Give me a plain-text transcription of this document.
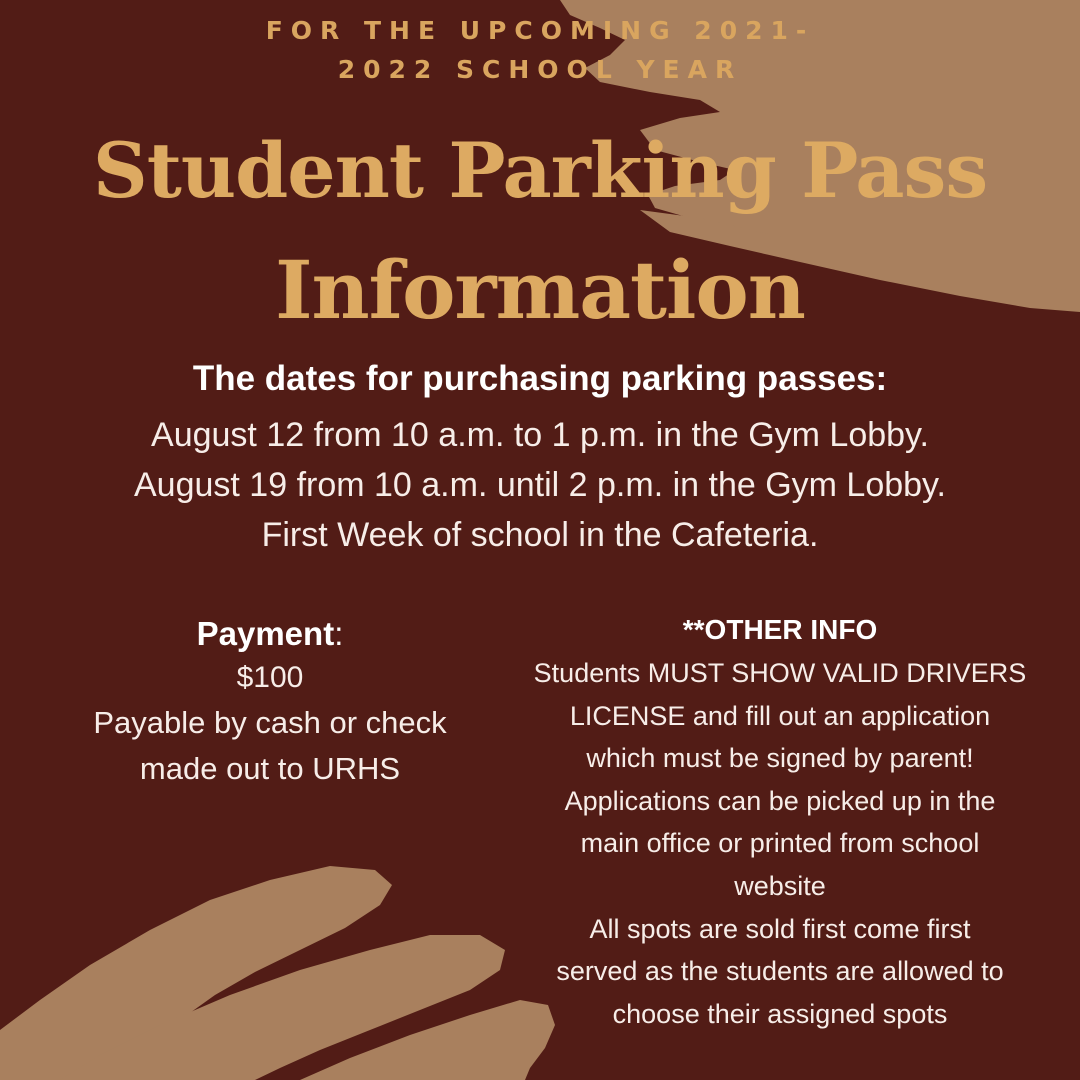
FOR THE UPCOMING 2021-
2022 SCHOOL YEAR
Student Parking Pass
Information
The dates for purchasing parking passes:
August 12 from 10 a.m. to 1 p.m. in the Gym Lobby.
August 19 from 10 a.m. until 2 p.m. in the Gym Lobby.
First Week of school in the Cafeteria.
Payment:
$100
Payable by cash or check
made out to URHS
**OTHER INFO
Students MUST SHOW VALID DRIVERS
LICENSE and fill out an application
which must be signed by parent!
Applications can be picked up in the
main office or printed from school
website
All spots are sold first come first
served as the students are allowed to
choose their assigned spots
